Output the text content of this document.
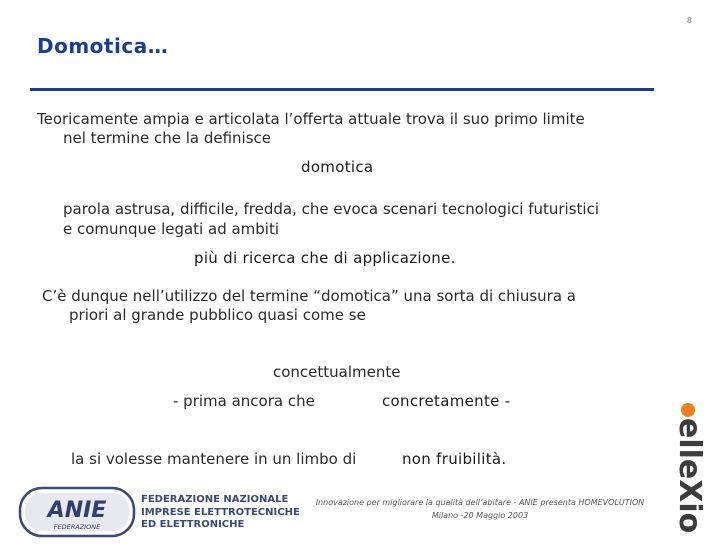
8
Domotica…
Teoricamente ampia e articolata l’offerta attuale trova il suo primo limite
nel termine che la definisce
domotica
parola astrusa, difficile, fredda, che evoca scenari tecnologici futuristici
e comunque legati ad ambiti
più di ricerca che di applicazione.
C’è dunque nell’utilizzo del termine “domotica” una sorta di chiusura a
priori al grande pubblico quasi come se
concettualmente
- prima ancora che	concretamente -
la si volesse mantenere in un limbo di	non fruibilità.
ANIE
FEDERAZIONE
FEDERAZIONE NAZIONALE
IMPRESE ELETTROTECNICHE
ED ELETTRONICHE
Innovazione per migliorare la qualità dell’abitare - ANIE presenta HOMEVOLUTION
Milano -20 Maggio 2003	elleXio
